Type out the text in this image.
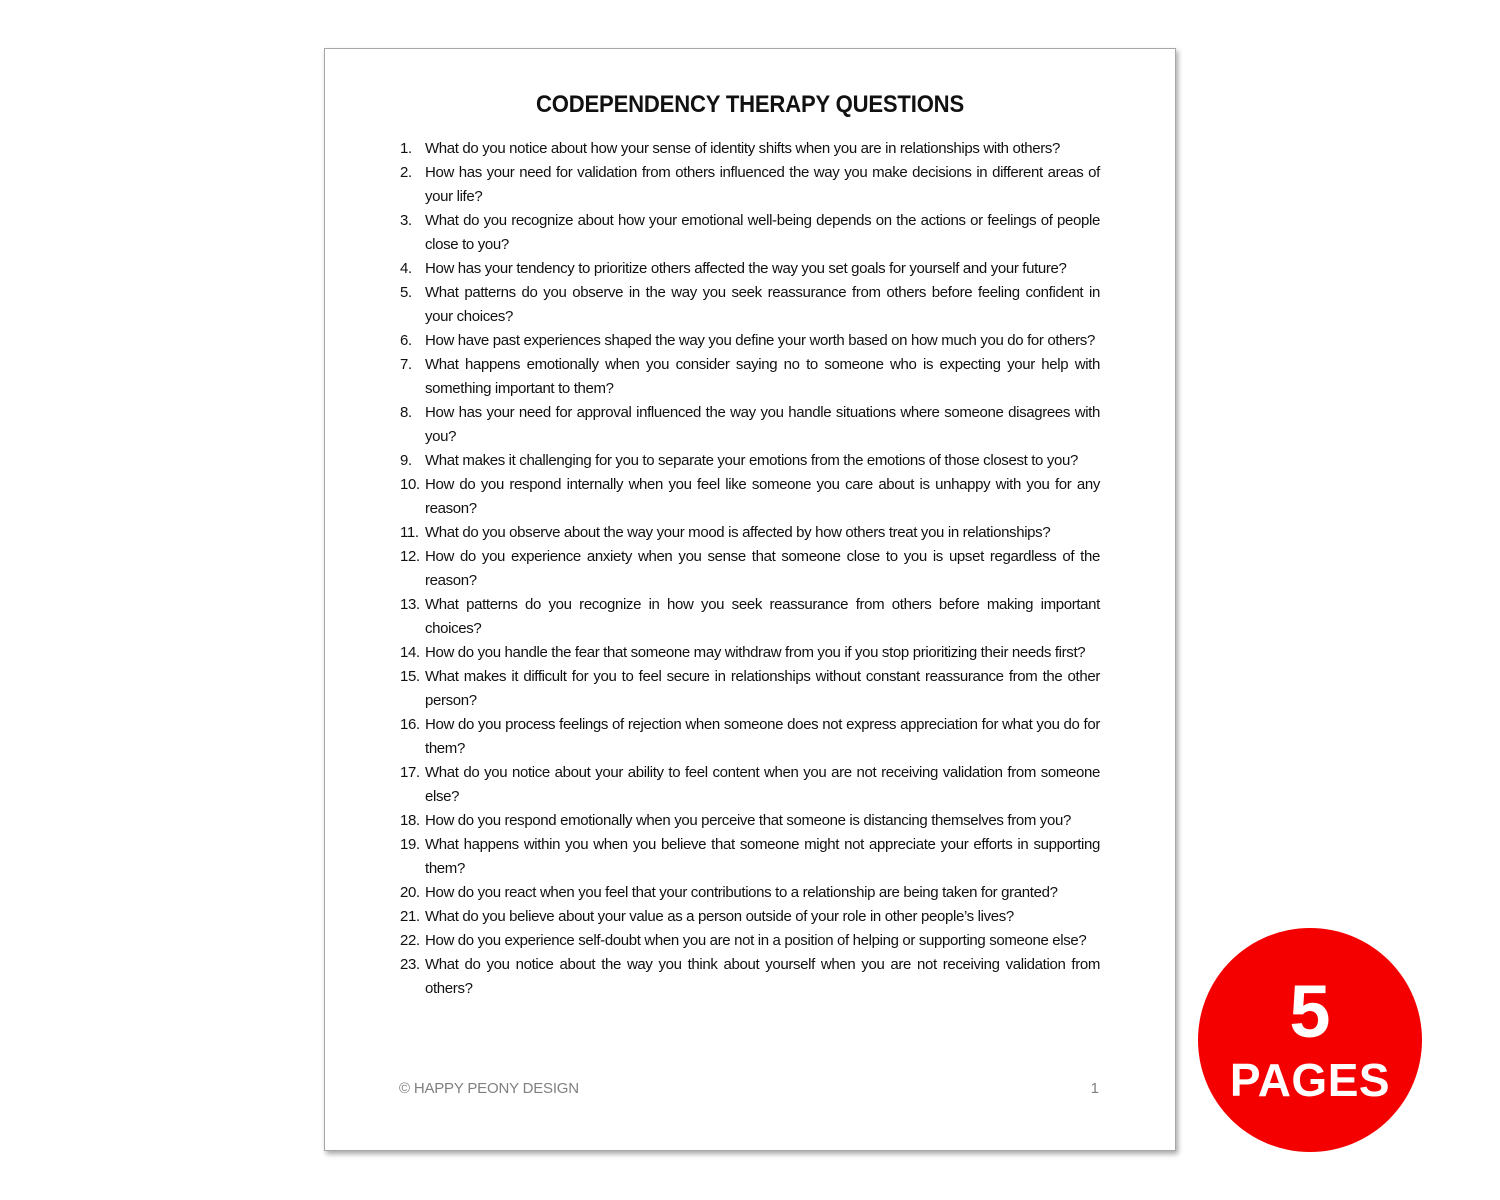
CODEPENDENCY THERAPY QUESTIONS
1. What do you notice about how your sense of identity shifts when you are in relationships with others?
2. How has your need for validation from others influenced the way you make decisions in different areas of your life?
3. What do you recognize about how your emotional well-being depends on the actions or feelings of people close to you?
4. How has your tendency to prioritize others affected the way you set goals for yourself and your future?
5. What patterns do you observe in the way you seek reassurance from others before feeling confident in your choices?
6. How have past experiences shaped the way you define your worth based on how much you do for others?
7. What happens emotionally when you consider saying no to someone who is expecting your help with something important to them?
8. How has your need for approval influenced the way you handle situations where someone disagrees with you?
9. What makes it challenging for you to separate your emotions from the emotions of those closest to you?
10. How do you respond internally when you feel like someone you care about is unhappy with you for any reason?
11. What do you observe about the way your mood is affected by how others treat you in relationships?
12. How do you experience anxiety when you sense that someone close to you is upset regardless of the reason?
13. What patterns do you recognize in how you seek reassurance from others before making important choices?
14. How do you handle the fear that someone may withdraw from you if you stop prioritizing their needs first?
15. What makes it difficult for you to feel secure in relationships without constant reassurance from the other person?
16. How do you process feelings of rejection when someone does not express appreciation for what you do for them?
17. What do you notice about your ability to feel content when you are not receiving validation from someone else?
18. How do you respond emotionally when you perceive that someone is distancing themselves from you?
19. What happens within you when you believe that someone might not appreciate your efforts in supporting them?
20. How do you react when you feel that your contributions to a relationship are being taken for granted?
21. What do you believe about your value as a person outside of your role in other people’s lives?
22. How do you experience self-doubt when you are not in a position of helping or supporting someone else?
23. What do you notice about the way you think about yourself when you are not receiving validation from others?
© HAPPY PEONY DESIGN	1
5
PAGES
